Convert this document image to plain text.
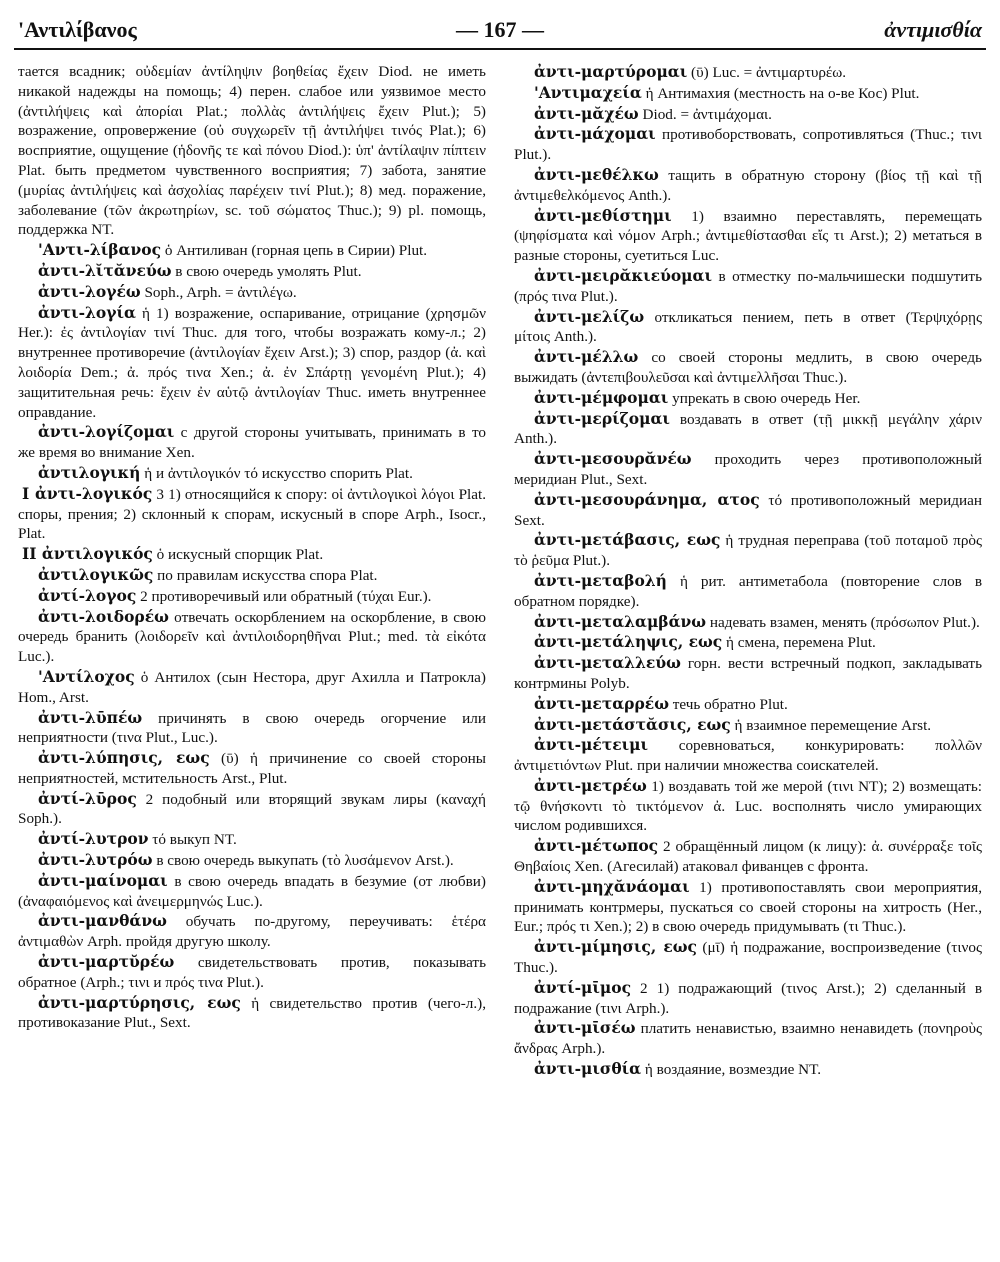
'Αντιλίβανος	— 167 —	ἀντιμισθία

тается всадник; οὐδεμίαν ἀντίληψιν βοηθείας ἔχειν Diod. не иметь никакой надежды на помощь; 4) перен. слабое или уязвимое место (ἀντιλήψεις καὶ ἀπορίαι Plat.; πολλὰς ἀντιλήψεις ἔχειν Plut.); 5) возражение, опровержение (οὐ συγχωρεῖν τῇ ἀντιλήψει τινός Plat.); 6) восприятие, ощущение (ἡδονῆς τε καὶ πόνου Diod.): ὑπ' ἀντίλαψιν πίπτειν Plat. быть предметом чувственного восприятия; 7) забота, занятие (μυρίας ἀντιλήψεις καὶ ἀσχολίας παρέχειν τινί Plut.); 8) мед. поражение, заболевание (τῶν ἀκρωτηρίων, sc. τοῦ σώματος Thuc.); 9) pl. помощь, поддержка NT.

'Αντι-λίβανος ὁ Антиливан (горная цепь в Сирии) Plut.

ἀντι-λῐτᾰνεύω в свою очередь умолять Plut.

ἀντι-λογέω Soph., Arph. = ἀντιλέγω.

ἀντι-λογία ἡ 1) возражение, оспаривание, отрицание (χρησμῶν Her.): ἐς ἀντιλογίαν τινί Thuc. для того, чтобы возражать кому-л.; 2) внутреннее противоречие (ἀντιλογίαν ἔχειν Arst.); 3) спор, раздор (ἀ. καὶ λοιδορία Dem.; ἀ. πρός τινα Xen.; ἀ. ἐν Σπάρτῃ γενομένη Plut.); 4) защитительная речь: ἔχειν ἐν αὑτῷ ἀντιλογίαν Thuc. иметь внутреннее оправдание.

ἀντι-λογίζομαι с другой стороны учитывать, принимать в то же время во внимание Xen.

ἀντιλογική ἡ и ἀντιλογικόν τό искусство спорить Plat.

I ἀντι-λογικός 3 1) относящийся к спору: οἱ ἀντιλογικοὶ λόγοι Plat. споры, прения; 2) склонный к спорам, искусный в споре Arph., Isocr., Plat.

II ἀντιλογικός ὁ искусный спорщик Plat.

ἀντιλογικῶς по правилам искусства спора Plat.

ἀντί-λογος 2 противоречивый или обратный (τύχαι Eur.).

ἀντι-λοιδορέω отвечать оскорблением на оскорбление, в свою очередь бранить (λοιδορεῖν καὶ ἀντιλοιδορηθῆναι Plut.; med. τὰ εἰκότα Luc.).

'Αντίλοχος ὁ Антилох (сын Нестора, друг Ахилла и Патрокла) Hom., Arst.

ἀντι-λῡπέω причинять в свою очередь огорчение или неприятности (τινα Plut., Luc.).

ἀντι-λύπησις, εως (ῡ) ἡ причинение со своей стороны неприятностей, мстительность Arst., Plut.

ἀντί-λῡρος 2 подобный или вторящий звукам лиры (καναχή Soph.).

ἀντί-λυτρον τό выкуп NT.

ἀντι-λυτρόω в свою очередь выкупать (τὸ λυσάμενον Arst.).

ἀντι-μαίνομαι в свою очередь впадать в безумие (от любви) (ἀναφαιόμενος καὶ ἀνειμερμηνώς Luc.).

ἀντι-μανθάνω обучать по-другому, переучивать: ἑτέρα ἀντιμαθὼν Arph. пройдя другую школу.

ἀντι-μαρτῠρέω свидетельствовать против, показывать обратное (Arph.; τινι и πρός τινα Plut.).

ἀντι-μαρτύρησις, εως ἡ свидетельство против (чего-л.), противоказание Plut., Sext.

ἀντι-μαρτύρομαι (ῡ) Luc. = ἀντιμαρτυρέω.

'Αντιμαχεία ἡ Антимахия (местность на о-ве Кос) Plut.

ἀντι-μᾰχέω Diod. = ἀντιμάχομαι.

ἀντι-μάχομαι противоборствовать, сопротивляться (Thuc.; τινι Plut.).

ἀντι-μεθέλκω тащить в обратную сторону (βίος τῇ καὶ τῇ ἀντιμεθελκόμενος Anth.).

ἀντι-μεθίστημι 1) взаимно переставлять, перемещать (ψηφίσματα καὶ νόμον Arph.; ἀντιμεθίστασθαι εἴς τι Arst.); 2) метаться в разные стороны, суетиться Luc.

ἀντι-μειρᾰκιεύομαι в отместку по-мальчишески подшутить (πρός τινα Plut.).

ἀντι-μελίζω откликаться пением, петь в ответ (Τερψιχόρῃς μίτοις Anth.).

ἀντι-μέλλω со своей стороны медлить, в свою очередь выжидать (ἀντεπιβουλεῦσαι καὶ ἀντιμελλῆσαι Thuc.).

ἀντι-μέμφομαι упрекать в свою очередь Her.

ἀντι-μερίζομαι воздавать в ответ (τῇ μικκῇ μεγάλην χάριν Anth.).

ἀντι-μεσουρᾰνέω проходить через противоположный меридиан Plut., Sext.

ἀντι-μεσουράνημα, ατος τό противоположный меридиан Sext.

ἀντι-μετάβασις, εως ἡ трудная переправа (τοῦ ποταμοῦ πρὸς τὸ ῥεῦμα Plut.).

ἀντι-μεταβολή ἡ рит. антиметабола (повторение слов в обратном порядке).

ἀντι-μεταλαμβάνω надевать взамен, менять (πρόσωπον Plut.).

ἀντι-μετάληψις, εως ἡ смена, перемена Plut.

ἀντι-μεταλλεύω горн. вести встречный подкоп, закладывать контрмины Polyb.

ἀντι-μεταρρέω течь обратно Plut.

ἀντι-μετάστᾰσις, εως ἡ взаимное перемещение Arst.

ἀντι-μέτειμι соревноваться, конкурировать: πολλῶν ἀντιμετιόντων Plut. при наличии множества соискателей.

ἀντι-μετρέω 1) воздавать той же мерой (τινι NT); 2) возмещать: τῷ θνήσκοντι τὸ τικτόμενον ἀ. Luc. восполнять число умирающих числом родившихся.

ἀντι-μέτωπος 2 обращённый лицом (к лицу): ἀ. συνέρραξε τοῖς Θηβαίοις Xen. (Агесилай) атаковал фиванцев с фронта.

ἀντι-μηχᾰνάομαι 1) противопоставлять свои мероприятия, принимать контрмеры, пускаться со своей стороны на хитрость (Her., Eur.; πρός τι Xen.); 2) в свою очередь придумывать (τι Thuc.).

ἀντι-μίμησις, εως (μῑ) ἡ подражание, воспроизведение (τινος Thuc.).

ἀντί-μῑμος 2 1) подражающий (τινος Arst.); 2) сделанный в подражание (τινι Arph.).

ἀντι-μῑσέω платить ненавистью, взаимно ненавидеть (πονηροὺς ἄνδρας Arph.).

ἀντι-μισθία ἡ воздаяние, возмездие NT.
